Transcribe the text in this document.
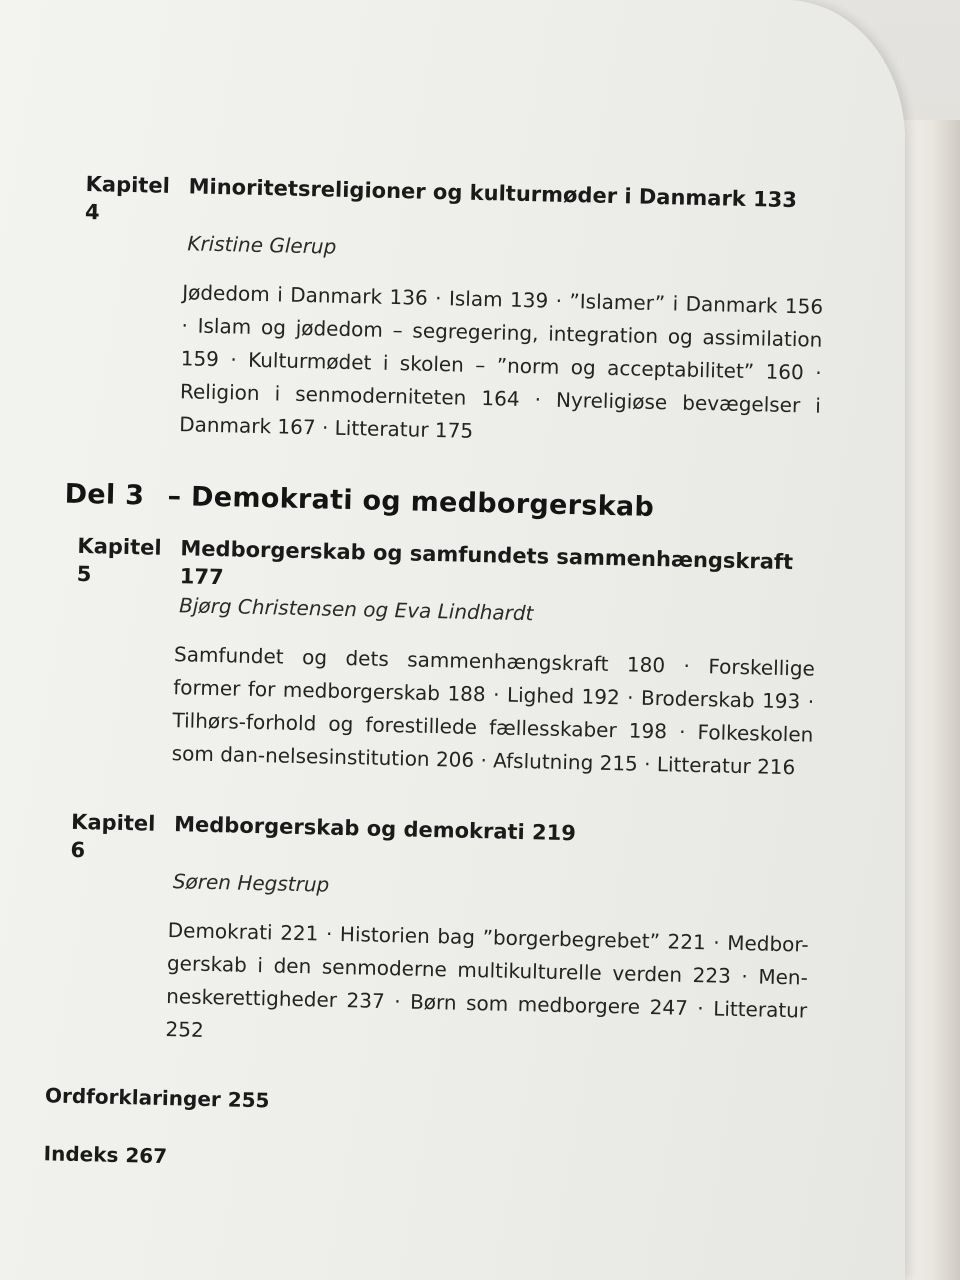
Kapitel 4
Minoritetsreligioner og kulturmøder i Danmark 133
Kristine Glerup
Jødedom i Danmark 136 · Islam 139 · ”Islamer” i Danmark 156 · Islam og jødedom – segregering, integration og assimilation 159 · Kulturmødet i skolen – ”norm og acceptabilitet” 160 · Religion i senmoderniteten 164 · Nyreligiøse bevægelser i Danmark 167 · Litteratur 175
Del 3 – Demokrati og medborgerskab
Kapitel 5	Medborgerskab og samfundets sammenhængskraft 177
Bjørg Christensen og Eva Lindhardt
Samfundet og dets sammenhængskraft 180 · Forskellige former for medborgerskab 188 · Lighed 192 · Broderskab 193 · Tilhørs-forhold og forestillede fællesskaber 198 · Folkeskolen som dan-nelsesinstitution 206 · Afslutning 215 · Litteratur 216
Kapitel 6
Medborgerskab og demokrati 219
Søren Hegstrup
Demokrati 221 · Historien bag ”borgerbegrebet” 221 · Medbor-gerskab i den senmoderne multikulturelle verden 223 · Men-neskerettigheder 237 · Børn som medborgere 247 · Litteratur 252
Ordforklaringer 255
Indeks 267
